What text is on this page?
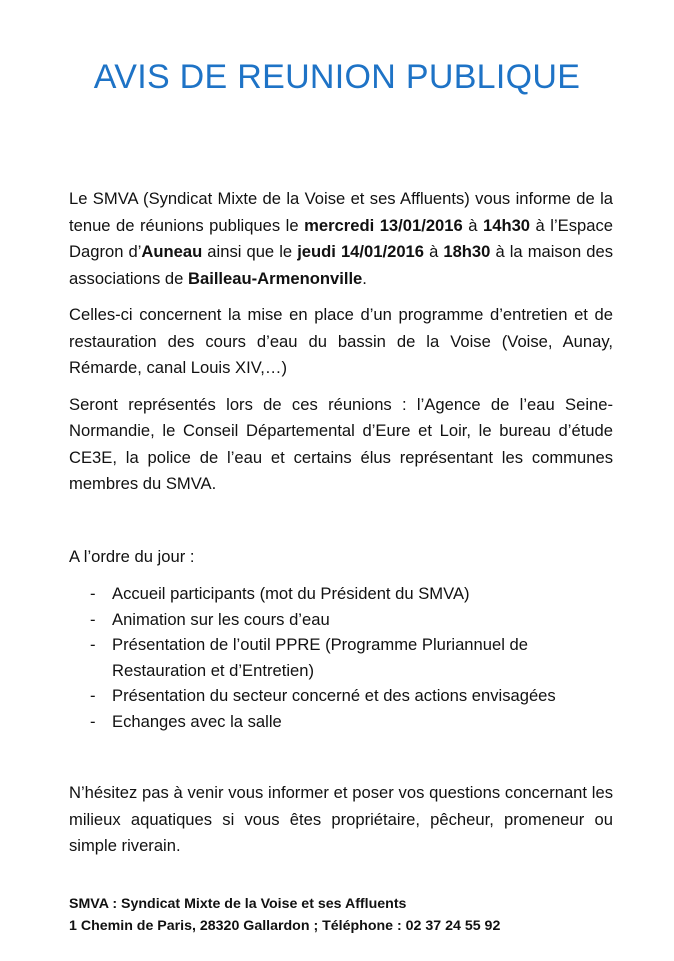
AVIS DE REUNION PUBLIQUE

Le SMVA (Syndicat Mixte de la Voise et ses Affluents) vous informe de la tenue de réunions publiques le mercredi 13/01/2016 à 14h30 à l’Espace Dagron d’Auneau ainsi que le jeudi 14/01/2016 à 18h30 à la maison des associations de Bailleau-Armenonville.

Celles-ci concernent la mise en place d’un programme d’entretien et de restauration des cours d’eau du bassin de la Voise (Voise, Aunay, Rémarde, canal Louis XIV,…)

Seront représentés lors de ces réunions : l’Agence de l’eau Seine-Normandie, le Conseil Départemental d’Eure et Loir, le bureau d’étude CE3E, la police de l’eau et certains élus représentant les communes membres du SMVA.

A l’ordre du jour :

- Accueil participants (mot du Président du SMVA)
- Animation sur les cours d’eau
- Présentation de l’outil PPRE (Programme Pluriannuel de Restauration et d’Entretien)
- Présentation du secteur concerné et des actions envisagées
- Echanges avec la salle

N’hésitez pas à venir vous informer et poser vos questions concernant les milieux aquatiques si vous êtes propriétaire, pêcheur, promeneur ou simple riverain.

SMVA : Syndicat Mixte de la Voise et ses Affluents
1 Chemin de Paris, 28320 Gallardon ; Téléphone : 02 37 24 55 92
